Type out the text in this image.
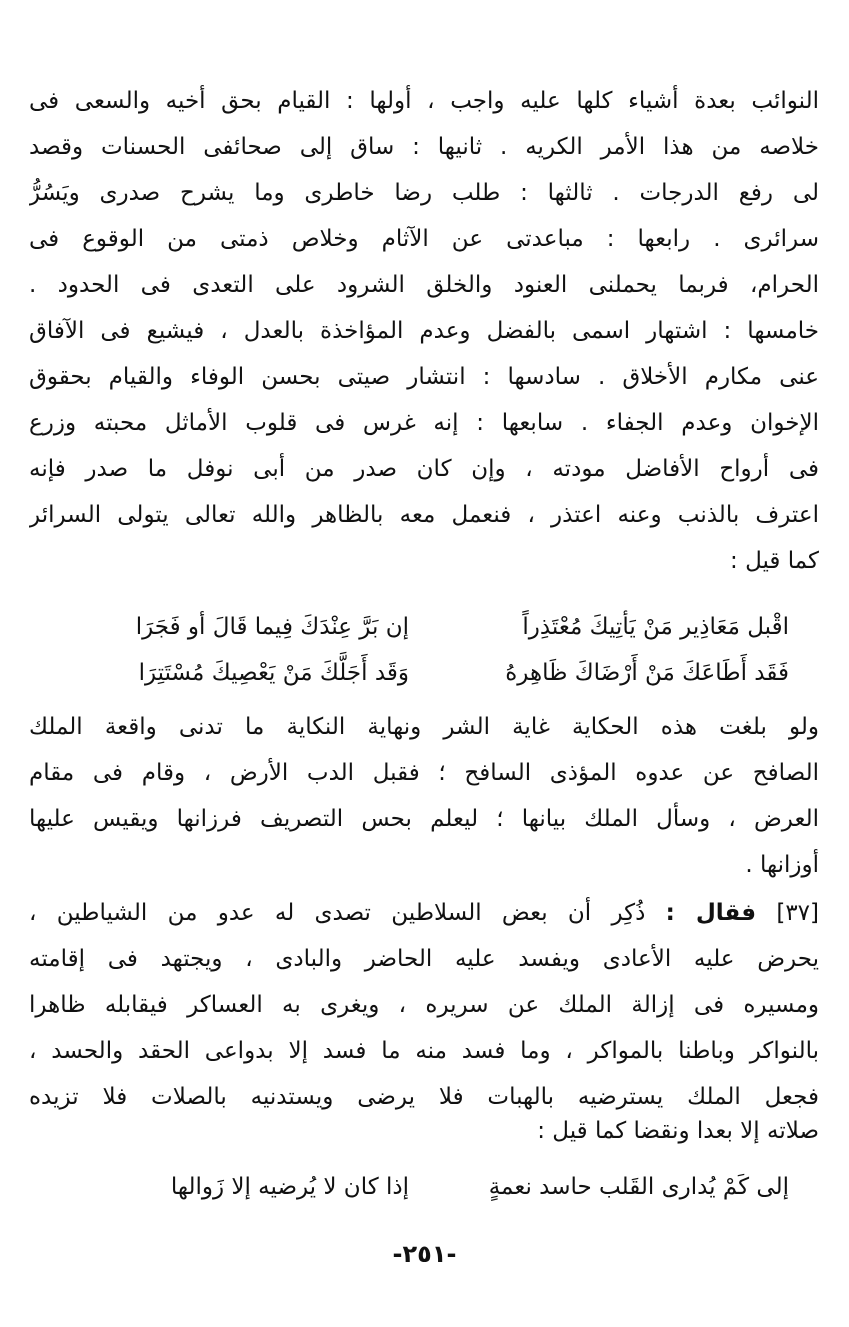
النوائب بعدة أشياء كلها عليه واجب ، أولها : القيام بحق أخيه والسعى فى
خلاصه من هذا الأمر الكريه . ثانيها : ساق إلى صحائفى الحسنات وقصد
لى رفع الدرجات . ثالثها : طلب رضا خاطرى وما يشرح صدرى ويَسُرُّ
سرائرى . رابعها : مباعدتى عن الآثام وخلاص ذمتى من الوقوع فى
الحرام، فربما يحملنى العنود والخلق الشرود على التعدى فى الحدود .
خامسها : اشتهار اسمى بالفضل وعدم المؤاخذة بالعدل ، فيشيع فى الآفاق
عنى مكارم الأخلاق . سادسها : انتشار صيتى بحسن الوفاء والقيام بحقوق
الإخوان وعدم الجفاء . سابعها : إنه غرس فى قلوب الأماثل محبته وزرع
فى أرواح الأفاضل مودته ، وإن كان صدر من أبى نوفل ما صدر فإنه
اعترف بالذنب وعنه اعتذر ، فنعمل معه بالظاهر والله تعالى يتولى السرائر
كما قيل :
اقْبل مَعَاذِير مَنْ يَأتِيكَ مُعْتَذِراً
إن بَرَّ عِنْدَكَ فِيما قَالَ أو فَجَرَا
فَقَد أَطَاعَكَ مَنْ أَرْضَاكَ ظَاهِرهُ
وَقَد أَجَلَّكَ مَنْ يَعْصِيكَ مُسْتَتِرَا
ولو بلغت هذه الحكاية غاية الشر ونهاية النكاية ما تدنى واقعة الملك
الصافح عن عدوه المؤذى السافح ؛ فقبل الدب الأرض ، وقام فى مقام
العرض ، وسأل الملك بيانها ؛ ليعلم بحس التصريف فرزانها ويقيس عليها
أوزانها .
[٣٧] فقال : ذُكِر أن بعض السلاطين تصدى له عدو من الشياطين ،
يحرض عليه الأعادى ويفسد عليه الحاضر والبادى ، ويجتهد فى إقامته
ومسيره فى إزالة الملك عن سريره ، ويغرى به العساكر فيقابله ظاهرا
بالنواكر وباطنا بالمواكر ، وما فسد منه ما فسد إلا بدواعى الحقد والحسد ،
فجعل الملك يسترضيه بالهبات فلا يرضى ويستدنيه بالصلات فلا تزيده
صلاته إلا بعدا ونقضا كما قيل :
إلى كَمْ يُدارى القَلب حاسد نعمةٍ
إذا كان لا يُرضيه إلا زَوالها
-٢٥١-
